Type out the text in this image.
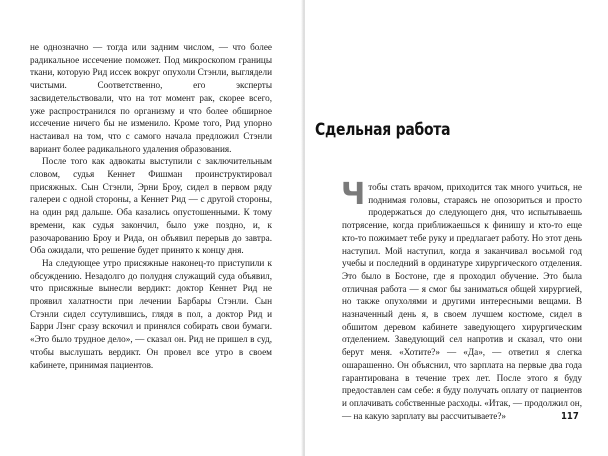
не однозначно — тогда или задним числом, — что более радикальное иссечение поможет. Под микроскопом границы ткани, которую Рид иссек вокруг опухоли Стэнли, выглядели чистыми. Соответственно, его эксперты засвидетельствовали, что на тот момент рак, скорее всего, уже распространился по организму и что более обширное иссечение ничего бы не изменило. Кроме того, Рид упорно настаивал на том, что с самого начала предложил Стэнли вариант более радикального удаления образования.

После того как адвокаты выступили с заключительным словом, судья Кеннет Фишман проинструктировал присяжных. Сын Стэнли, Эрни Броу, сидел в первом ряду галереи с одной стороны, а Кеннет Рид — с другой стороны, на один ряд дальше. Оба казались опустошенными. К тому времени, как судья закончил, было уже поздно, и, к разочарованию Броу и Рида, он объявил перерыв до завтра. Оба ожидали, что решение будет принято к концу дня.

На следующее утро присяжные наконец-то приступили к обсуждению. Незадолго до полудня служащий суда объявил, что присяжные вынесли вердикт: доктор Кеннет Рид не проявил халатности при лечении Барбары Стэнли. Сын Стэнли сидел ссутулившись, глядя в пол, а доктор Рид и Барри Лэнг сразу вскочил и принялся собирать свои бумаги. «Это было трудное дело», — сказал он. Рид не пришел в суд, чтобы выслушать вердикт. Он провел все утро в своем кабинете, принимая пациентов.

Сдельная работа

Чтобы стать врачом, приходится так много учиться, не поднимая головы, стараясь не опозориться и просто продержаться до следующего дня, что испытываешь потрясение, когда приближаешься к финишу и кто-то еще кто-то пожимает тебе руку и предлагает работу. Но этот день наступил. Мой наступил, когда я заканчивал восьмой год учебы и последний в ординатуре хирургического отделения. Это было в Бостоне, где я проходил обучение. Это была отличная работа — я смог бы заниматься общей хирургией, но также опухолями и другими интересными вещами. В назначенный день я, в своем лучшем костюме, сидел в обшитом деревом кабинете заведующего хирургическим отделением. Заведующий сел напротив и сказал, что они берут меня. «Хотите?» — «Да», — ответил я слегка ошарашенно. Он объяснил, что зарплата на первые два года гарантирована в течение трех лет. После этого я буду предоставлен сам себе: я буду получать оплату от пациентов и оплачивать собственные расходы. «Итак, — продолжил он, — на какую зарплату вы рассчитываете?»	117
